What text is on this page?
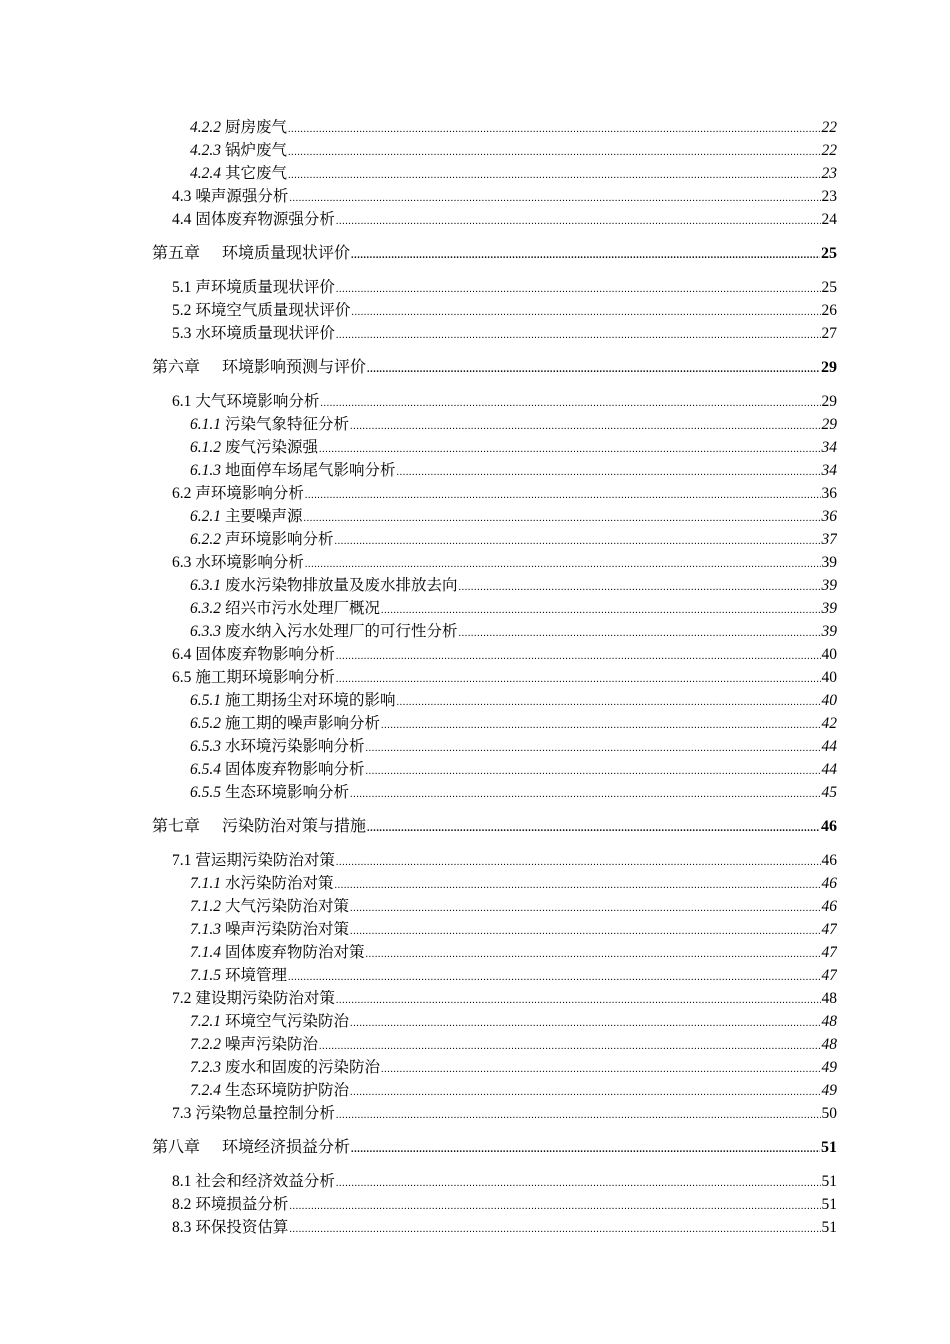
4.2.2 厨房废气 .....	22
4.2.3 锅炉废气 .....	22
4.2.4 其它废气 .....	23
4.3 噪声源强分析 .....	23
4.4 固体废弃物源强分析 .....	24
第五章 环境质量现状评价 .....	25
5.1 声环境质量现状评价 .....	25
5.2 环境空气质量现状评价 .....	26
5.3 水环境质量现状评价 .....	27
第六章 环境影响预测与评价 .....	29
6.1 大气环境影响分析 .....	29
6.1.1 污染气象特征分析 .....	29
6.1.2 废气污染源强 .....	34
6.1.3 地面停车场尾气影响分析 .....	34
6.2 声环境影响分析 .....	36
6.2.1 主要噪声源 .....	36
6.2.2 声环境影响分析 .....	37
6.3 水环境影响分析 .....	39
6.3.1 废水污染物排放量及废水排放去向 .....	39
6.3.2 绍兴市污水处理厂概况 .....	39
6.3.3 废水纳入污水处理厂的可行性分析 .....	39
6.4 固体废弃物影响分析 .....	40
6.5 施工期环境影响分析 .....	40
6.5.1 施工期扬尘对环境的影响 .....	40
6.5.2 施工期的噪声影响分析 .....	42
6.5.3 水环境污染影响分析 .....	44
6.5.4 固体废弃物影响分析 .....	44
6.5.5 生态环境影响分析 .....	45
第七章 污染防治对策与措施 .....	46
7.1 营运期污染防治对策 .....	46
7.1.1 水污染防治对策 .....	46
7.1.2 大气污染防治对策 .....	46
7.1.3 噪声污染防治对策 .....	47
7.1.4 固体废弃物防治对策 .....	47
7.1.5 环境管理 .....	47
7.2 建设期污染防治对策 .....	48
7.2.1 环境空气污染防治 .....	48
7.2.2 噪声污染防治 .....	48
7.2.3 废水和固废的污染防治 .....	49
7.2.4 生态环境防护防治 .....	49
7.3 污染物总量控制分析 .....	50
第八章 环境经济损益分析 .....	51
8.1 社会和经济效益分析 .....	51
8.2 环境损益分析 .....	51
8.3 环保投资估算 .....	51
